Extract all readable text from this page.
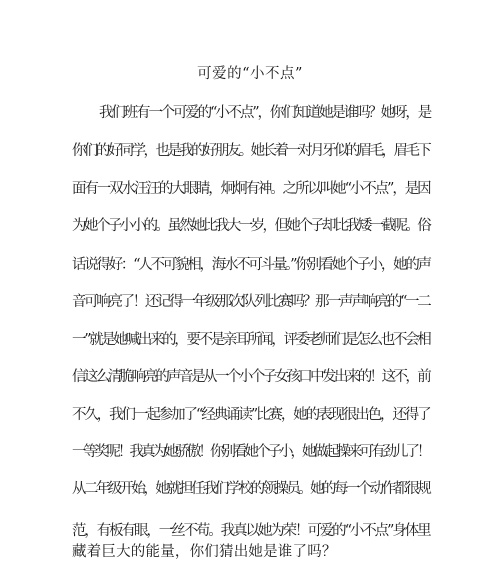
可爱的“小不点”
我们班有一个可爱的“小不点”，你们知道她是谁吗？她呀，是
你们的好同学，也是我的好朋友。她长着一对月牙似的眉毛，眉毛下
面有一双水汪汪的大眼睛，炯炯有神。之所以叫她“小不点”，是因
为她个子小小的。虽然她比我大一岁，但她个子却比我矮一截呢。俗
话说得好：“人不可貌相，海水不可斗量。”你别看她个子小，她的声
音可响亮了！还记得一年级那次队列比赛吗？那一声声响亮的“一二
一”就是她喊出来的，要不是亲耳所闻，评委老师们是怎么也不会相
信这么清脆响亮的声音是从一个小个子女孩口中发出来的！这不，前
不久，我们一起参加了“经典诵读”比赛，她的表现很出色，还得了
一等奖呢！我真为她骄傲！你别看她个子小，她做起操来可有劲儿了！
从二年级开始，她就担任我们学校的领操员。她的每一个动作都很规
范，有板有眼，一丝不苟。我真以她为荣！可爱的“小不点”身体里
藏着巨大的能量，你们猜出她是谁了吗？
